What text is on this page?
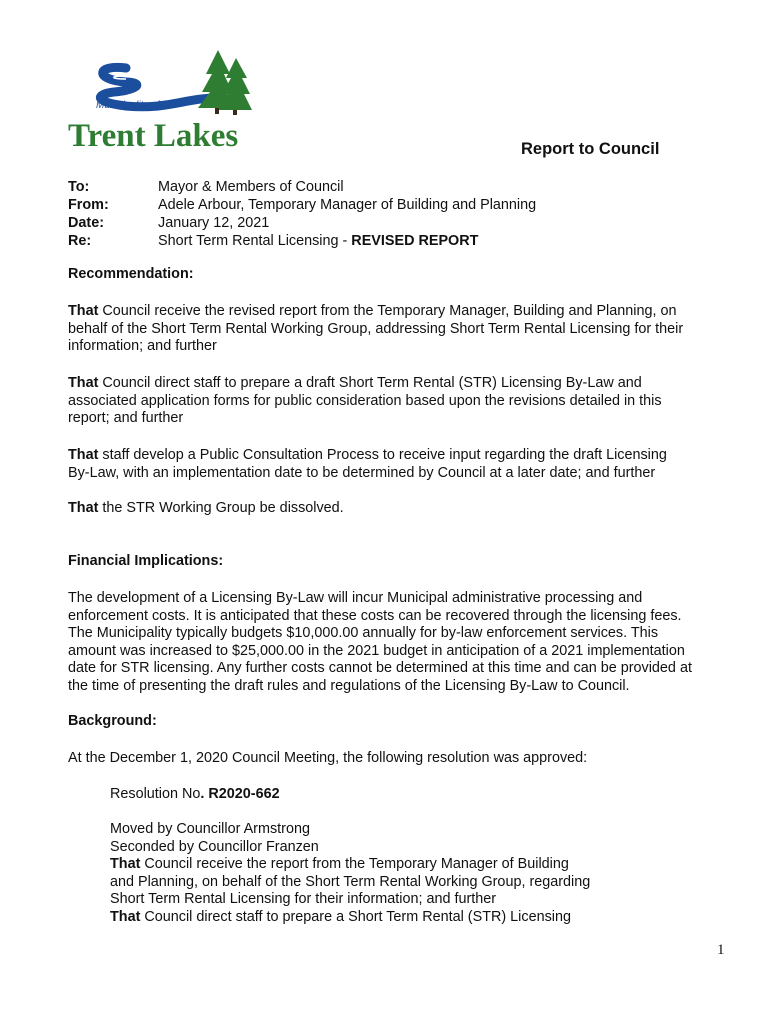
Municipality of
Trent Lakes	Report to Council
To:	Mayor & Members of Council
From:	Adele Arbour, Temporary Manager of Building and Planning
Date:	January 12, 2021
Re:	Short Term Rental Licensing - REVISED REPORT
Recommendation:
That Council receive the revised report from the Temporary Manager, Building and Planning, on
behalf of the Short Term Rental Working Group, addressing Short Term Rental Licensing for their
information; and further
That Council direct staff to prepare a draft Short Term Rental (STR) Licensing By-Law and
associated application forms for public consideration based upon the revisions detailed in this
report; and further
That staff develop a Public Consultation Process to receive input regarding the draft Licensing
By-Law, with an implementation date to be determined by Council at a later date; and further
That the STR Working Group be dissolved.
Financial Implications:
The development of a Licensing By-Law will incur Municipal administrative processing and
enforcement costs. It is anticipated that these costs can be recovered through the licensing fees.
The Municipality typically budgets $10,000.00 annually for by-law enforcement services. This
amount was increased to $25,000.00 in the 2021 budget in anticipation of a 2021 implementation
date for STR licensing. Any further costs cannot be determined at this time and can be provided at
the time of presenting the draft rules and regulations of the Licensing By-Law to Council.
Background:
At the December 1, 2020 Council Meeting, the following resolution was approved:
Resolution No. R2020-662
Moved by Councillor Armstrong
Seconded by Councillor Franzen
That Council receive the report from the Temporary Manager of Building
and Planning, on behalf of the Short Term Rental Working Group, regarding
Short Term Rental Licensing for their information; and further
That Council direct staff to prepare a Short Term Rental (STR) Licensing
1
